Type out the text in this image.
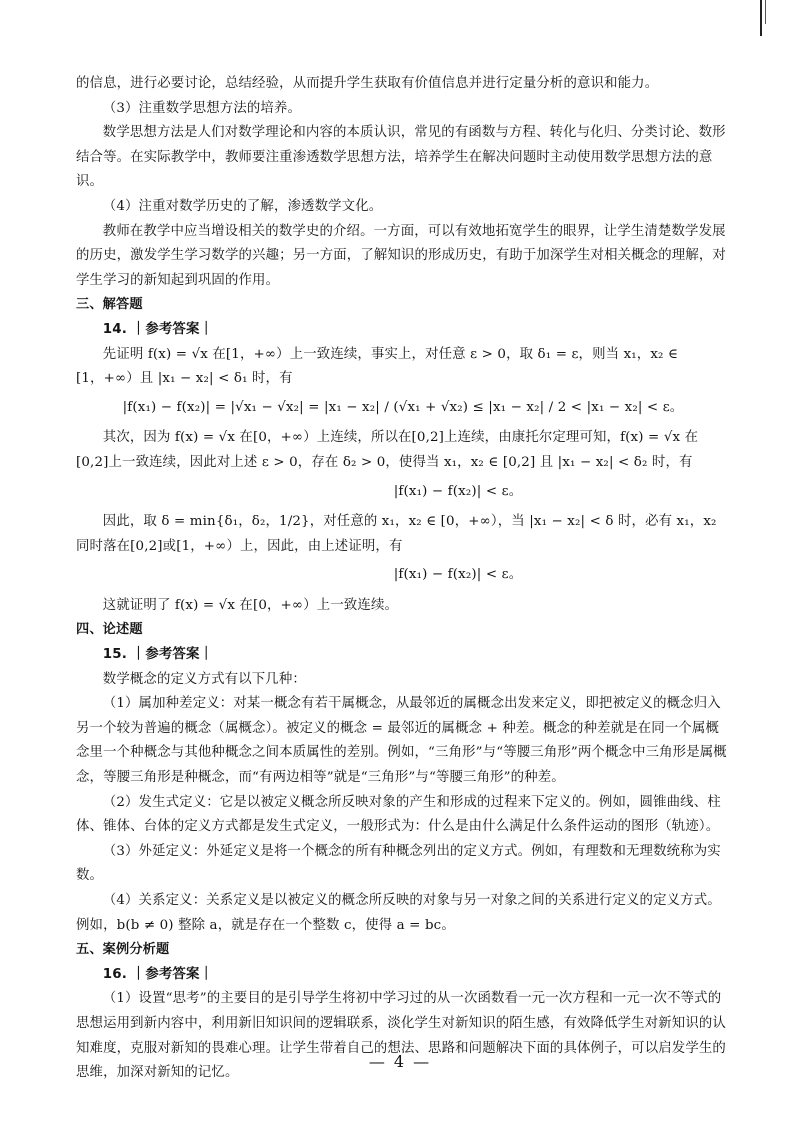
的信息，进行必要讨论，总结经验，从而提升学生获取有价值信息并进行定量分析的意识和能力。

（3）注重数学思想方法的培养。

数学思想方法是人们对数学理论和内容的本质认识，常见的有函数与方程、转化与化归、分类讨论、数形结合等。在实际教学中，教师要注重渗透数学思想方法，培养学生在解决问题时主动使用数学思想方法的意识。

（4）注重对数学历史的了解，渗透数学文化。

教师在教学中应当增设相关的数学史的介绍。一方面，可以有效地拓宽学生的眼界，让学生清楚数学发展的历史，激发学生学习数学的兴趣；另一方面，了解知识的形成历史，有助于加深学生对相关概念的理解，对学生学习的新知起到巩固的作用。

三、解答题

14. ｜参考答案｜

先证明 f(x) = √x 在[1，+∞）上一致连续，事实上，对任意 ε > 0，取 δ₁ = ε，则当 x₁，x₂ ∈ [1，+∞）且 |x₁ − x₂| < δ₁ 时，有

|f(x₁) − f(x₂)| = |√x₁ − √x₂| = |x₁ − x₂| / (√x₁ + √x₂) ≤ |x₁ − x₂| / 2 < |x₁ − x₂| < ε。

其次，因为 f(x) = √x 在[0，+∞）上连续，所以在[0,2]上连续，由康托尔定理可知，f(x) = √x 在[0,2]上一致连续，因此对上述 ε > 0，存在 δ₂ > 0，使得当 x₁，x₂ ∈ [0,2] 且 |x₁ − x₂| < δ₂ 时，有

|f(x₁) − f(x₂)| < ε。

因此，取 δ = min{δ₁，δ₂，1/2}，对任意的 x₁，x₂ ∈ [0，+∞），当 |x₁ − x₂| < δ 时，必有 x₁，x₂ 同时落在[0,2]或[1，+∞）上，因此，由上述证明，有

|f(x₁) − f(x₂)| < ε。

这就证明了 f(x) = √x 在[0，+∞）上一致连续。

四、论述题

15. ｜参考答案｜

数学概念的定义方式有以下几种：

（1）属加种差定义：对某一概念有若干属概念，从最邻近的属概念出发来定义，即把被定义的概念归入另一个较为普遍的概念（属概念）。被定义的概念 = 最邻近的属概念 + 种差。概念的种差就是在同一个属概念里一个种概念与其他种概念之间本质属性的差别。例如，“三角形”与“等腰三角形”两个概念中三角形是属概念，等腰三角形是种概念，而“有两边相等”就是“三角形”与“等腰三角形”的种差。

（2）发生式定义：它是以被定义概念所反映对象的产生和形成的过程来下定义的。例如，圆锥曲线、柱体、锥体、台体的定义方式都是发生式定义，一般形式为：什么是由什么满足什么条件运动的图形（轨迹）。

（3）外延定义：外延定义是将一个概念的所有种概念列出的定义方式。例如，有理数和无理数统称为实数。

（4）关系定义：关系定义是以被定义的概念所反映的对象与另一对象之间的关系进行定义的定义方式。例如，b(b ≠ 0) 整除 a，就是存在一个整数 c，使得 a = bc。

五、案例分析题

16. ｜参考答案｜

（1）设置“思考”的主要目的是引导学生将初中学习过的从一次函数看一元一次方程和一元一次不等式的思想运用到新内容中，利用新旧知识间的逻辑联系，淡化学生对新知识的陌生感，有效降低学生对新知识的认知难度，克服对新知的畏难心理。让学生带着自己的想法、思路和问题解决下面的具体例子，可以启发学生的思维，加深对新知的记忆。

— 4 —
